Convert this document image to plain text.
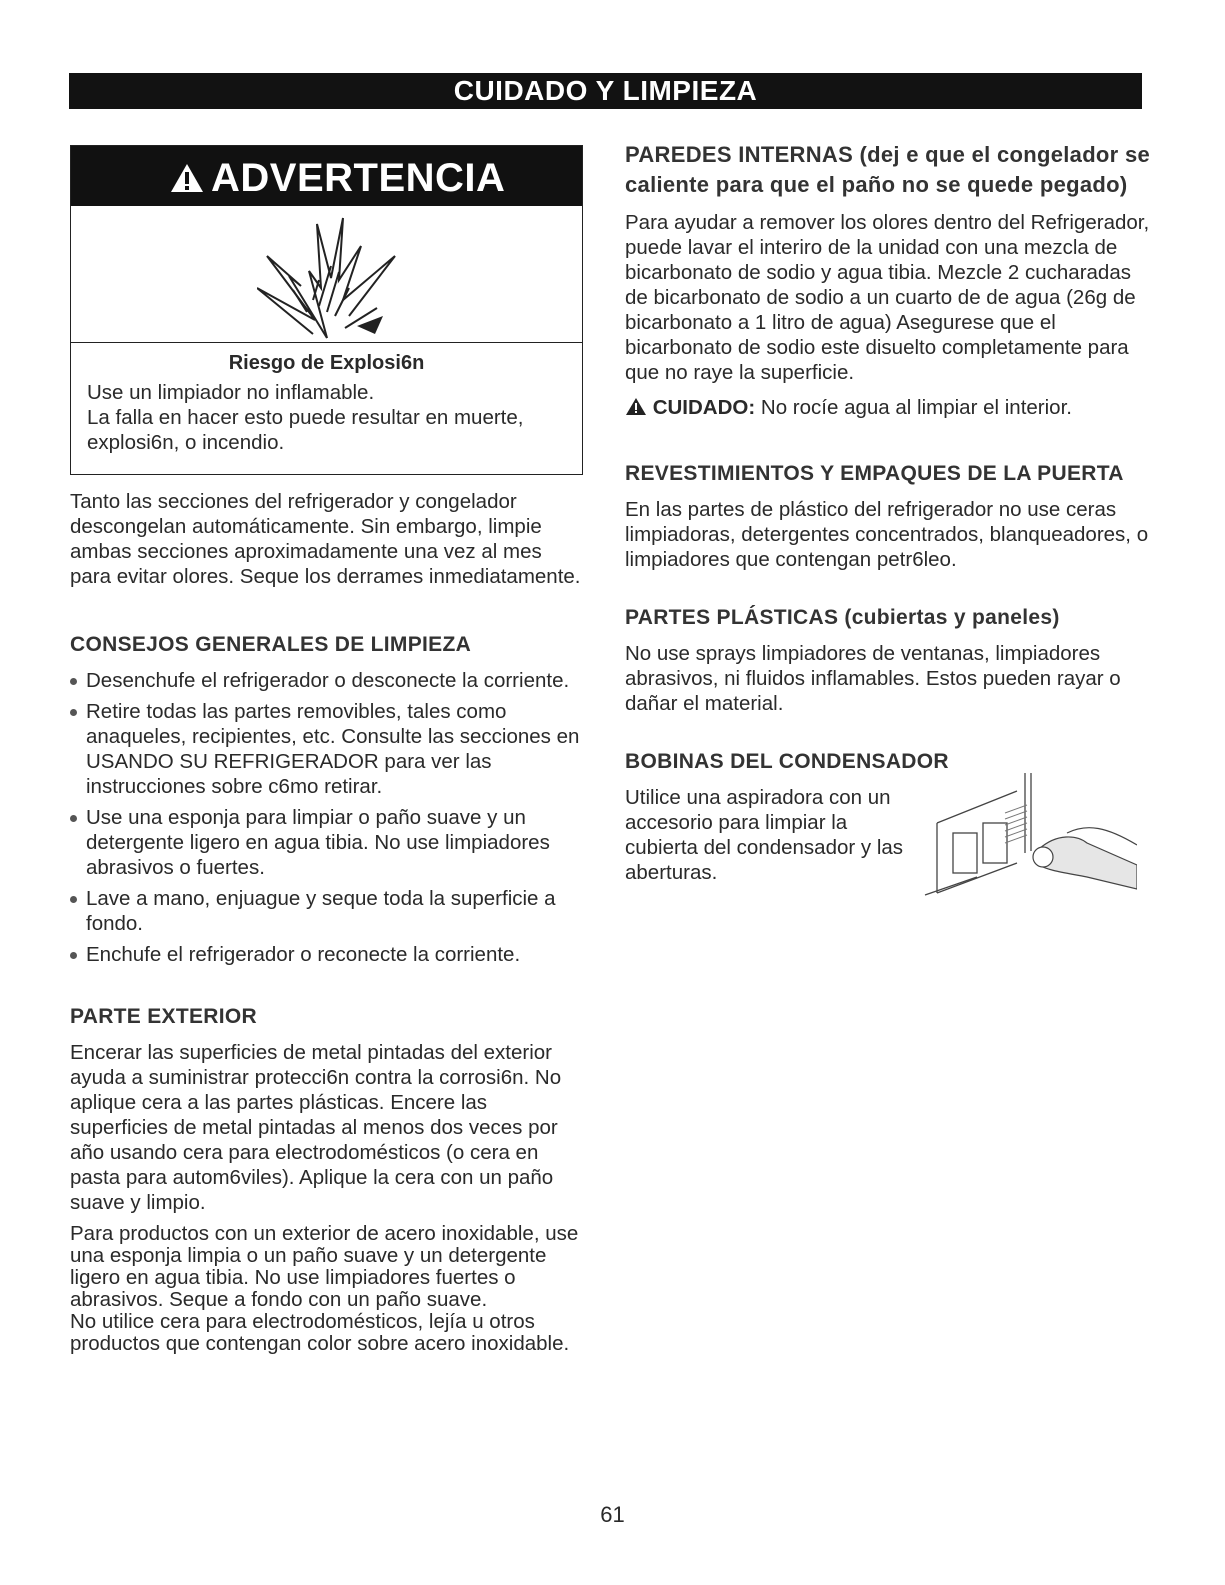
CUIDADO Y LIMPIEZA
ADVERTENCIA
Riesgo de Explosi6n

Use un limpiador no inflamable.

La falla en hacer esto puede resultar en muerte, explosi6n, o incendio.

Tanto las secciones del refrigerador y congelador descongelan automáticamente. Sin embargo, limpie ambas secciones aproximadamente una vez al mes para evitar olores. Seque los derrames inmediatamente.

CONSEJOS GENERALES DE LIMPIEZA
Desenchufe el refrigerador o desconecte la corriente.
Retire todas las partes removibles, tales como anaqueles, recipientes, etc. Consulte las secciones en USANDO SU REFRIGERADOR para ver las instrucciones sobre c6mo retirar.
Use una esponja para limpiar o paño suave y un detergente ligero en agua tibia. No use limpiadores abrasivos o fuertes.
Lave a mano, enjuague y seque toda la superficie a fondo.
Enchufe el refrigerador o reconecte la corriente.
PARTE EXTERIOR

Encerar las superficies de metal pintadas del exterior ayuda a suministrar protecci6n contra la corrosi6n. No aplique cera a las partes plásticas. Encere las superficies de metal pintadas al menos dos veces por año usando cera para electrodomésticos (o cera en pasta para autom6viles). Aplique la cera con un paño suave y limpio.

Para productos con un exterior de acero inoxidable, use una esponja limpia o un paño suave y un detergente ligero en agua tibia. No use limpiadores fuertes o abrasivos. Seque a fondo con un paño suave.

No utilice cera para electrodomésticos, lejía u otros productos que contengan color sobre acero inoxidable.

PAREDES INTERNAS (dej e que el congelador se caliente para que el paño no se quede pegado)

Para ayudar a remover los olores dentro del Refrigerador, puede lavar el interiro de la unidad con una mezcla de bicarbonato de sodio y agua tibia. Mezcle 2 cucharadas de bicarbonato de sodio a un cuarto de de agua (26g de bicarbonato a 1 litro de agua) Asegurese que el bicarbonato de sodio este disuelto completamente para que no raye la superficie.

CUIDADO: No rocíe agua al limpiar el interior.

REVESTIMIENTOS Y EMPAQUES DE LA PUERTA

En las partes de plástico del refrigerador no use ceras limpiadoras, detergentes concentrados, blanqueadores, o limpiadores que contengan petr6leo.

PARTES PLÁSTICAS (cubiertas y paneles)

No use sprays limpiadores de ventanas, limpiadores abrasivos, ni fluidos inflamables. Estos pueden rayar o dañar el material.

BOBINAS DEL CONDENSADOR

Utilice una aspiradora con un accesorio para limpiar la cubierta del condensador y las aberturas.

61
